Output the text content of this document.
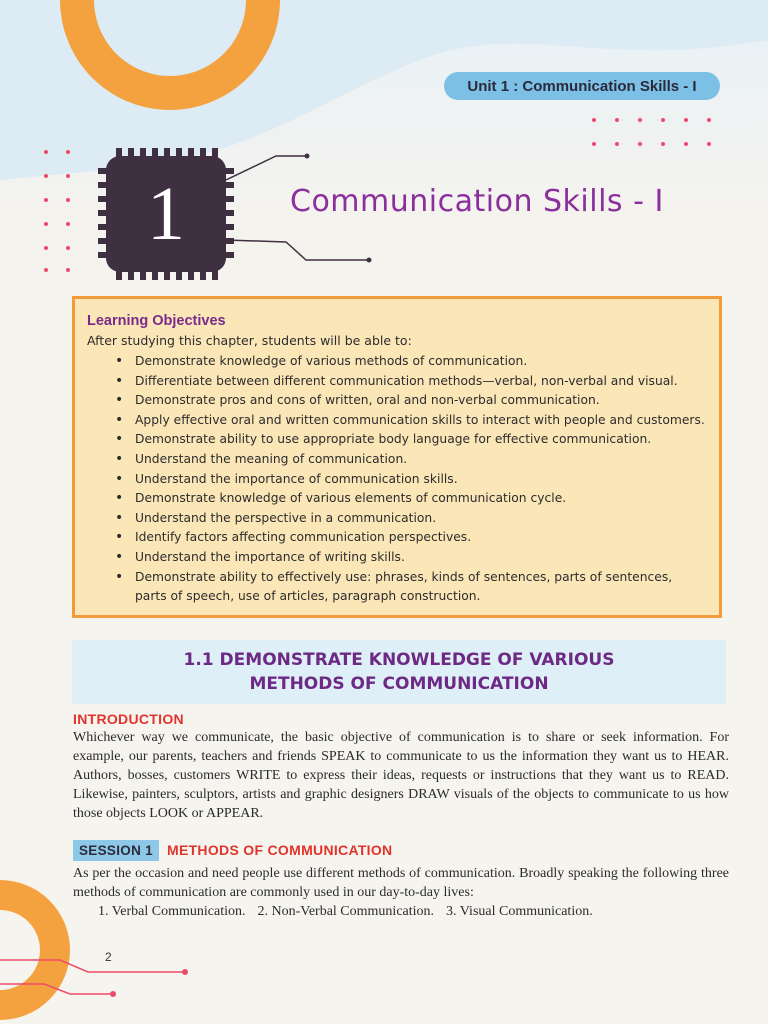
Unit 1 : Communication Skills - I
1	Communication Skills - I
Learning Objectives
After studying this chapter, students will be able to:
• Demonstrate knowledge of various methods of communication.
• Differentiate between different communication methods—verbal, non-verbal and visual.
• Demonstrate pros and cons of written, oral and non-verbal communication.
• Apply effective oral and written communication skills to interact with people and customers.
• Demonstrate ability to use appropriate body language for effective communication.
• Understand the meaning of communication.
• Understand the importance of communication skills.
• Demonstrate knowledge of various elements of communication cycle.
• Understand the perspective in a communication.
• Identify factors affecting communication perspectives.
• Understand the importance of writing skills.
• Demonstrate ability to effectively use: phrases, kinds of sentences, parts of sentences, parts of speech, use of articles, paragraph construction.
1.1 DEMONSTRATE KNOWLEDGE OF VARIOUS
METHODS OF COMMUNICATION
INTRODUCTION
Whichever way we communicate, the basic objective of communication is to share or seek information. For example, our parents, teachers and friends SPEAK to communicate to us the information they want us to HEAR. Authors, bosses, customers WRITE to express their ideas, requests or instructions that they want us to READ. Likewise, painters, sculptors, artists and graphic designers DRAW visuals of the objects to communicate to us how those objects LOOK or APPEAR.
SESSION 1	METHODS OF COMMUNICATION
As per the occasion and need people use different methods of communication. Broadly speaking the following three methods of communication are commonly used in our day-to-day lives:
1. Verbal Communication. 2. Non-Verbal Communication. 3. Visual Communication.
2
